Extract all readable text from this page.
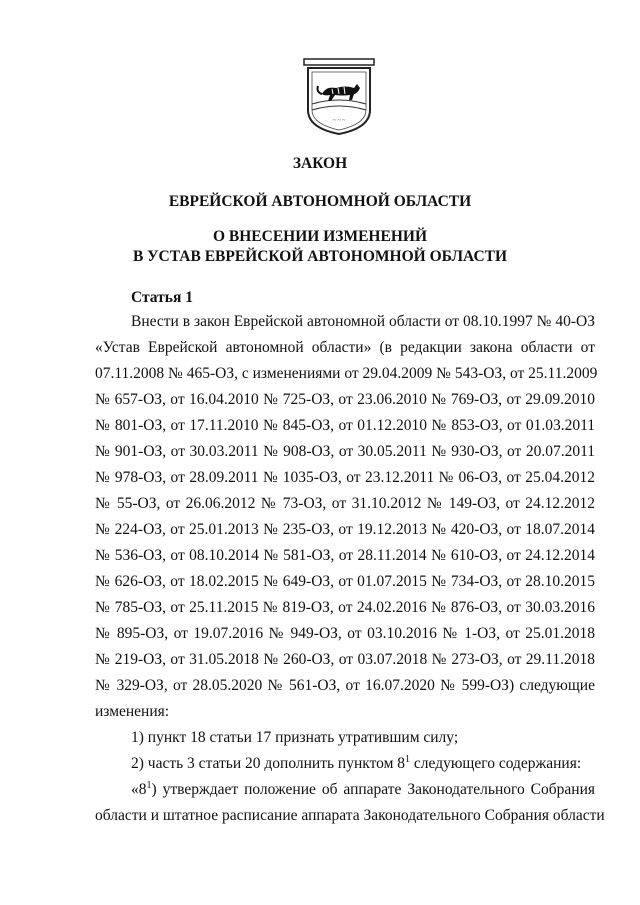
~ ~ ~
ЗАКОН
ЕВРЕЙСКОЙ АВТОНОМНОЙ ОБЛАСТИ
О ВНЕСЕНИИ ИЗМЕНЕНИЙ
В УСТАВ ЕВРЕЙСКОЙ АВТОНОМНОЙ ОБЛАСТИ
Статья 1
Внести в закон Еврейской автономной области от 08.10.1997 № 40-ОЗ
«Устав Еврейской автономной области» (в редакции закона области от
07.11.2008 № 465-ОЗ, с изменениями от 29.04.2009 № 543-ОЗ, от 25.11.2009
№ 657-ОЗ, от 16.04.2010 № 725-ОЗ, от 23.06.2010 № 769-ОЗ, от 29.09.2010
№ 801-ОЗ, от 17.11.2010 № 845-ОЗ, от 01.12.2010 № 853-ОЗ, от 01.03.2011
№ 901-ОЗ, от 30.03.2011 № 908-ОЗ, от 30.05.2011 № 930-ОЗ, от 20.07.2011
№ 978-ОЗ, от 28.09.2011 № 1035-ОЗ, от 23.12.2011 № 06-ОЗ, от 25.04.2012
№ 55-ОЗ, от 26.06.2012 № 73-ОЗ, от 31.10.2012 № 149-ОЗ, от 24.12.2012
№ 224-ОЗ, от 25.01.2013 № 235-ОЗ, от 19.12.2013 № 420-ОЗ, от 18.07.2014
№ 536-ОЗ, от 08.10.2014 № 581-ОЗ, от 28.11.2014 № 610-ОЗ, от 24.12.2014
№ 626-ОЗ, от 18.02.2015 № 649-ОЗ, от 01.07.2015 № 734-ОЗ, от 28.10.2015
№ 785-ОЗ, от 25.11.2015 № 819-ОЗ, от 24.02.2016 № 876-ОЗ, от 30.03.2016
№ 895-ОЗ, от 19.07.2016 № 949-ОЗ, от 03.10.2016 № 1-ОЗ, от 25.01.2018
№ 219-ОЗ, от 31.05.2018 № 260-ОЗ, от 03.07.2018 № 273-ОЗ, от 29.11.2018
№ 329-ОЗ, от 28.05.2020 № 561-ОЗ, от 16.07.2020 № 599-ОЗ) следующие
изменения:
1) пункт 18 статьи 17 признать утратившим силу;
2) часть 3 статьи 20 дополнить пунктом $8^1$ следующего содержания:
«$8^1$) утверждает положение об аппарате Законодательного Собрания
области и штатное расписание аппарата Законодательного Собрания области
